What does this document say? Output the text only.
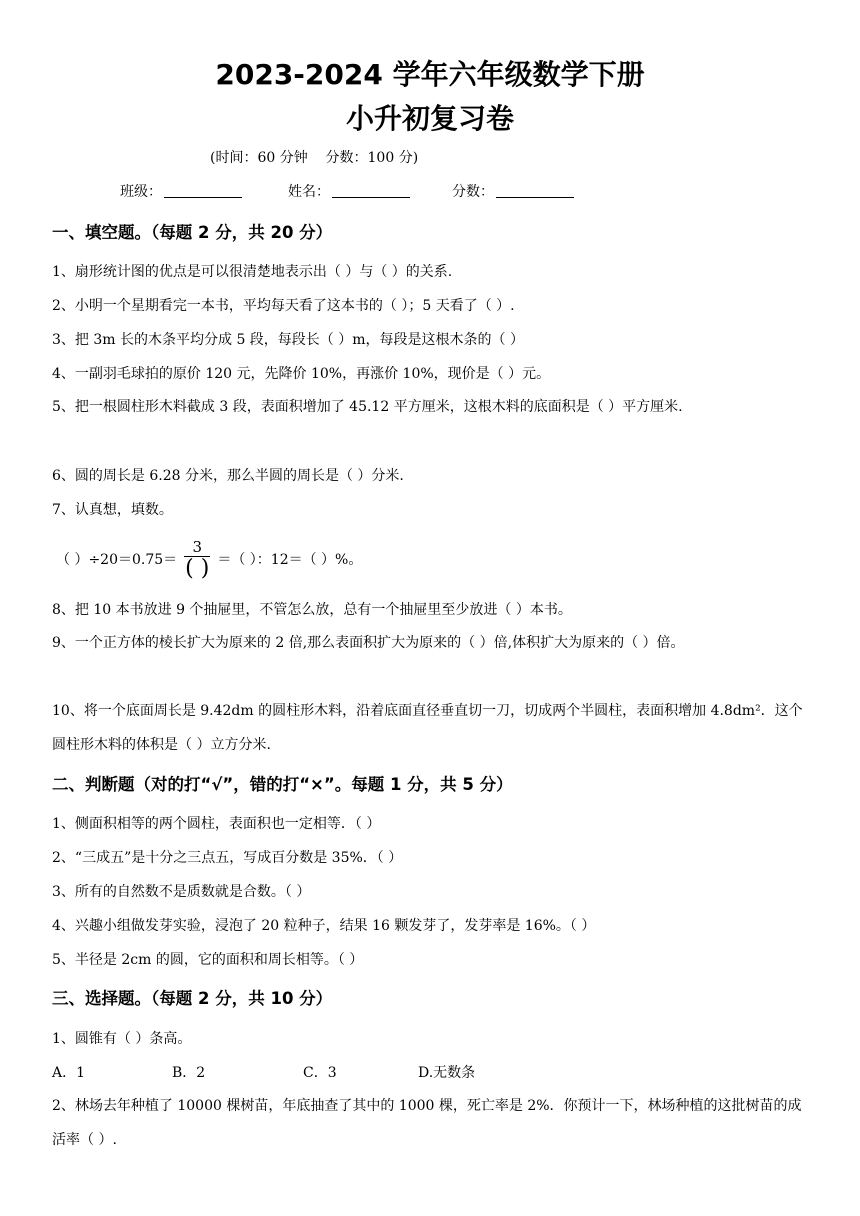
2023-2024 学年六年级数学下册
小升初复习卷
(时间：60 分钟    分数：100 分)
班级：	姓名：	分数：
一、填空题。（每题 2 分，共 20 分）
1、扇形统计图的优点是可以很清楚地表示出（ ）与（ ）的关系.
2、小明一个星期看完一本书，平均每天看了这本书的（ ）；5 天看了（ ）.
3、把 3m 长的木条平均分成 5 段，每段长（ ）m，每段是这根木条的（ ）
4、一副羽毛球拍的原价 120 元，先降价 10%，再涨价 10%，现价是（ ）元。
5、把一根圆柱形木料截成 3 段，表面积增加了 45.12 平方厘米，这根木料的底面积是（ ）平方厘米.
6、圆的周长是 6.28 分米，那么半圆的周长是（ ）分米.
7、认真想，填数。
（ ）$\div 20=0.75= \frac{3}{( )}$ ＝（ ）：12＝（ ）%。
8、把 10 本书放进 9 个抽屉里，不管怎么放，总有一个抽屉里至少放进（ ）本书。
9、一个正方体的棱长扩大为原来的 2 倍,那么表面积扩大为原来的（ ）倍,体积扩大为原来的（ ）倍。
10、将一个底面周长是 9.42dm 的圆柱形木料，沿着底面直径垂直切一刀，切成两个半圆柱，表面积增加 4.8dm²．这个圆柱形木料的体积是（ ）立方分米.
二、判断题（对的打“√”，错的打“×”。每题 1 分，共 5 分）
1、侧面积相等的两个圆柱，表面积也一定相等．（ ）
2、“三成五”是十分之三点五，写成百分数是 35%．（ ）
3、所有的自然数不是质数就是合数。（ ）
4、兴趣小组做发芽实验，浸泡了 20 粒种子，结果 16 颗发芽了，发芽率是 16%。（ ）
5、半径是 2cm 的圆，它的面积和周长相等。（ ）
三、选择题。（每题 2 分，共 10 分）
1、圆锥有（ ）条高。
A．1	B．2	C．3	D.无数条
2、林场去年种植了 10000 棵树苗，年底抽查了其中的 1000 棵，死亡率是 2%．你预计一下，林场种植的这批树苗的成活率（ ）.
